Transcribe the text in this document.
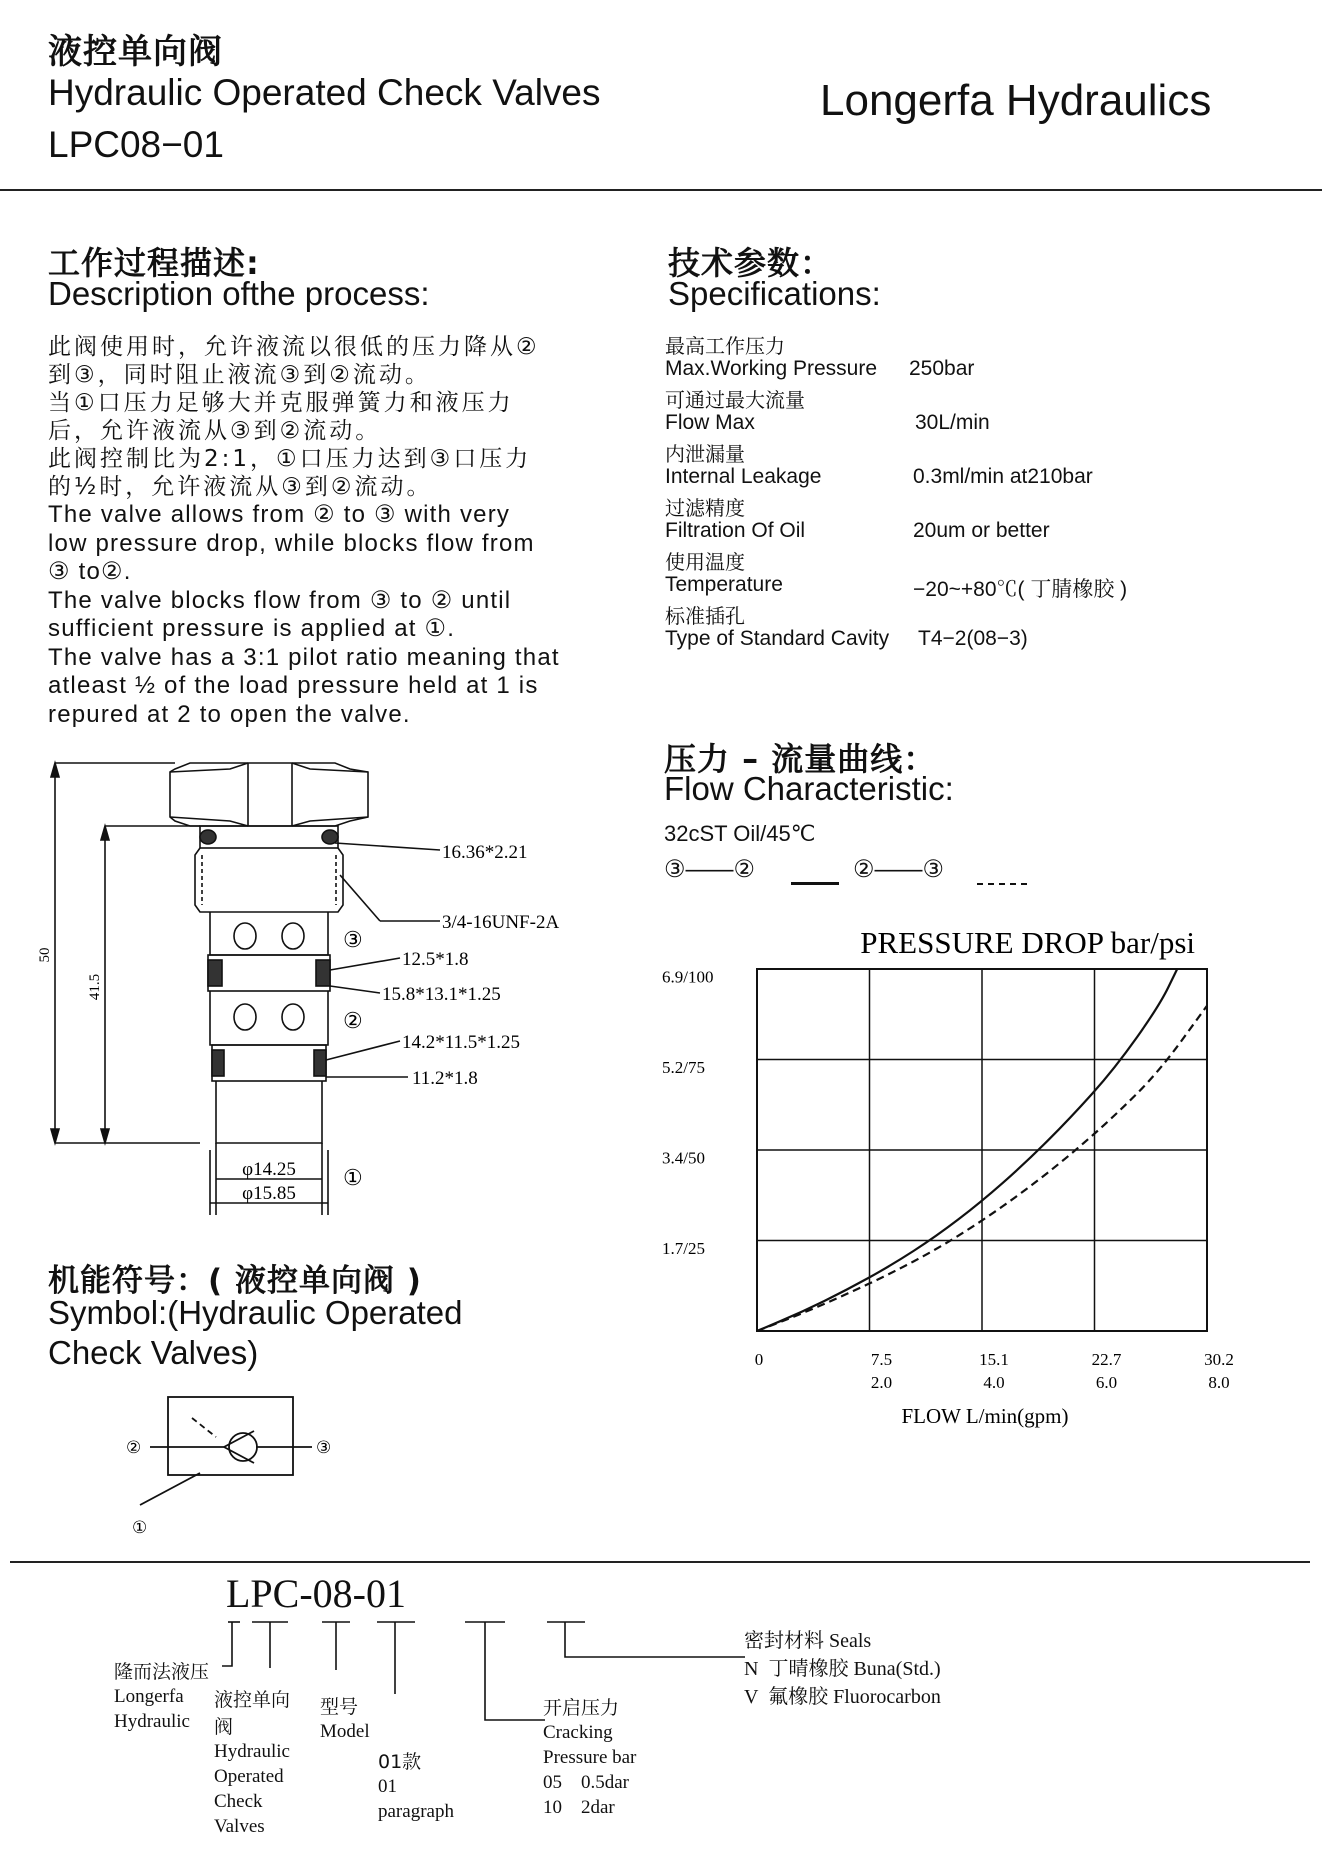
液控单向阀
Hydraulic Operated Check Valves
LPC08−01
Longerfa Hydraulics
工作过程描述:
Description ofthe process:
此阀使用时，允许液流以很低的压力降从②
到③，同时阻止液流③到②流动。
当①口压力足够大并克服弹簧力和液压力
后，允许液流从③到②流动。
此阀控制比为2:1，①口压力达到③口压力
的½时，允许液流从③到②流动。
The valve allows from ② to ③ with very
low pressure drop, while blocks flow from
③ to②.
The valve blocks flow from ③ to ② until
sufficient pressure is applied at ①.
The valve has a 3:1 pilot ratio meaning that
atleast ½ of the load pressure held at 1 is
repured at 2 to open the valve.
技术参数：
Specifications:
最高工作压力
Max.Working Pressure 250bar
可通过最大流量
Flow Max	30L/min
内泄漏量
Internal Leakage	0.3ml/min at210bar
过滤精度
Filtration Of Oil	20um or better
使用温度
Temperature	−20~+80℃( 丁腈橡胶 )
标准插孔
Type of Standard Cavity T4−2(08−3)
压力 – 流量曲线：
Flow Characteristic:
32cST Oil/45℃
③——②	②——③
PRESSURE DROP bar/psi
1.7/25
3.4/50
5.2/75
6.9/100
0	7.5
2.0
15.1
4.0
22.7
6.0
30.2
8.0
FLOW L/min(gpm)
50
41.5
16.36*2.21
3/4-16UNF-2A
12.5*1.8
15.8*13.1*1.25
14.2*11.5*1.25
11.2*1.8
③
②
①
φ14.25
φ15.85
机能符号：( 液控单向阀 )
Symbol:(Hydraulic Operated
Check Valves)
②	③
①
LPC-08-01
隆而法液压
Longerfa
Hydraulic
液控单向
阀
Hydraulic
Operated
Check
Valves
型号
Model
01款
01
paragraph
开启压力
Cracking
Pressure bar
05    0.5dar
10    2dar
密封材料 Seals
N  丁晴橡胶 Buna(Std.)
V  氟橡胶 Fluorocarbon
